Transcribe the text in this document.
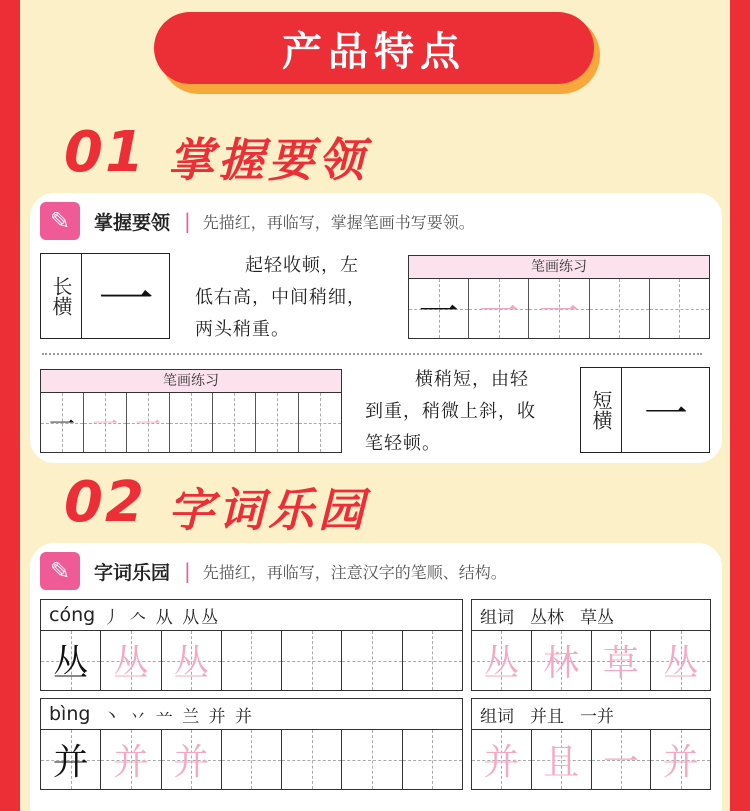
产品特点
01 掌握要领
✎	掌握要领 | 先描红，再临写，掌握笔画书写要领。
长横 一
起轻收顿，左
低右高，中间稍细，
两头稍重。
笔画练习
一 一 一
笔画练习
一 一 一
横稍短，由轻
到重，稍微上斜，收
笔轻顿。
短横 一
02 字词乐园
✎	字词乐园 | 先描红，再临写，注意汉字的笔顺、结构。
cóng 丿 𠆢 从 从丛
丛 丛 丛
组词 丛林 草丛
丛 林 草 丛
bìng 丶 丷 䒑 兰 并 并
并 并 并
组词 并且 一并
并 且 一 并
